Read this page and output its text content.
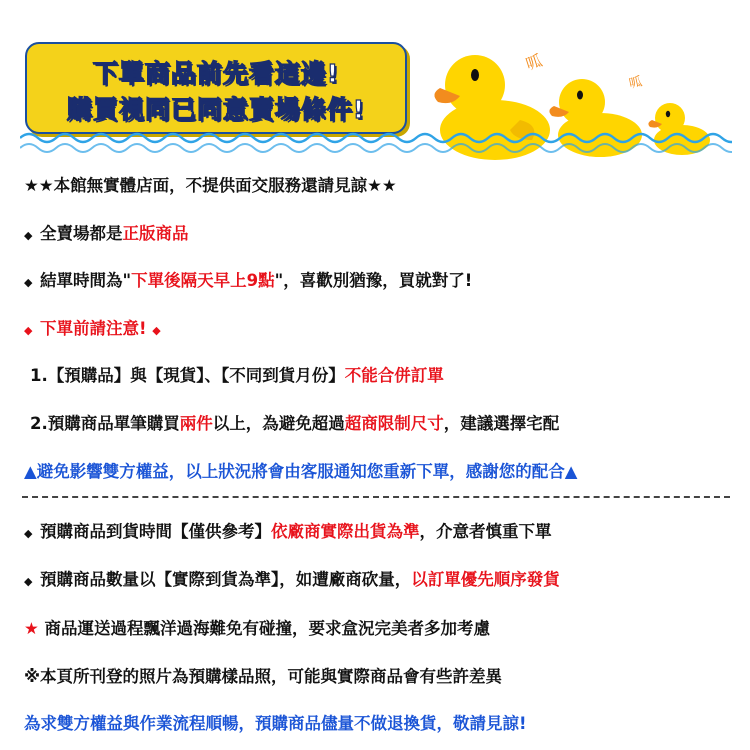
下單商品前先看這邊!
購買視同已同意賣場條件!
呱
呱
★★本館無實體店面，不提供面交服務還請見諒★★
◆ 全賣場都是正版商品
◆ 結單時間為"下單後隔天早上9點"，喜歡別猶豫，買就對了!
◆ 下單前請注意! ◆
1.【預購品】與【現貨】、【不同到貨月份】不能合併訂單
2.預購商品單筆購買兩件以上，為避免超過超商限制尺寸，建議選擇宅配
▲避免影響雙方權益，以上狀況將會由客服通知您重新下單，感謝您的配合▲
◆ 預購商品到貨時間【僅供參考】依廠商實際出貨為準，介意者慎重下單
◆ 預購商品數量以【實際到貨為準】，如遭廠商砍量，以訂單優先順序發貨
★ 商品運送過程飄洋過海難免有碰撞，要求盒況完美者多加考慮
※本頁所刊登的照片為預購樣品照，可能與實際商品會有些許差異
為求雙方權益與作業流程順暢，預購商品儘量不做退換貨，敬請見諒!
